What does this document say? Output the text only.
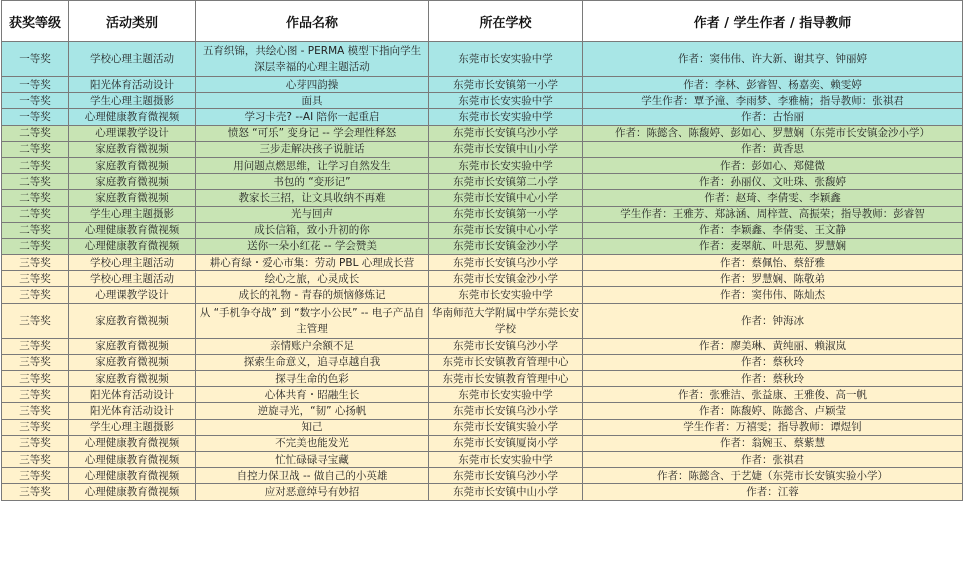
获奖等级	活动类别	作品名称	所在学校	作者 / 学生作者 / 指导教师
一等奖	学校心理主题活动	五育织锦，共绘心图 - PERMA 模型下指向学生深层幸福的心理主题活动	东莞市长安实验中学	作者：窦伟伟、许大新、谢其亨、钟丽婷
一等奖	阳光体育活动设计	心芽四韵操	东莞市长安镇第一小学	作者：李林、彭睿智、杨嘉奕、赖雯婷
一等奖	学生心理主题摄影	面具	东莞市长安实验中学	学生作者：覃予潼、李雨梦、李雅楠；指导教师：张祺君
一等奖	心理健康教育微视频	学习卡壳? --AI 陪你一起重启	东莞市长安实验中学	作者：古怡丽
二等奖	心理课教学设计	愤怒 “可乐” 变身记 -- 学会理性释怒	东莞市长安镇乌沙小学	作者：陈懿含、陈馥婷、彭如心、罗慧娴（东莞市长安镇金沙小学）
二等奖	家庭教育微视频	三步走解决孩子说脏话	东莞市长安镇中山小学	作者：黄香思
二等奖	家庭教育微视频	用问题点燃思维，让学习自然发生	东莞市长安实验中学	作者：彭如心、郑健微
二等奖	家庭教育微视频	书包的 “变形记”	东莞市长安镇第二小学	作者：孙丽仪、文吐珠、张馥婷
二等奖	家庭教育微视频	教家长三招，让文具收纳不再难	东莞市长安镇中心小学	作者：赵琦、李倩雯、李颖鑫
二等奖	学生心理主题摄影	光与回声	东莞市长安镇第一小学	学生作者：王雅芳、郑詠涵、周梓萱、高振荣；指导教师：彭睿智
二等奖	心理健康教育微视频	成长信箱，致小升初的你	东莞市长安镇中心小学	作者：李颖鑫、李倩雯、王文静
二等奖	心理健康教育微视频	送你一朵小红花 -- 学会赞美	东莞市长安镇金沙小学	作者：麦翠航、叶思苑、罗慧娴
三等奖	学校心理主题活动	耕心育绿・爱心市集：劳动 PBL 心理成长营	东莞市长安镇乌沙小学	作者：蔡佩怡、蔡舒雅
三等奖	学校心理主题活动	绘心之旅，心灵成长	东莞市长安镇金沙小学	作者：罗慧娴、陈敬弟
三等奖	心理课教学设计	成长的礼物 - 青春的烦恼修炼记	东莞市长安实验中学	作者：窦伟伟、陈灿杰
三等奖	家庭教育微视频	从 “手机争夺战” 到 “数字小公民” -- 电子产品自主管理	华南师范大学附属中学东莞长安学校	作者：钟海冰
三等奖	家庭教育微视频	亲情账户余额不足	东莞市长安镇乌沙小学	作者：廖美琳、黄纯丽、赖淑岚
三等奖	家庭教育微视频	探索生命意义，追寻卓越自我	东莞市长安镇教育管理中心	作者：蔡秋玲
三等奖	家庭教育微视频	探寻生命的色彩	东莞市长安镇教育管理中心	作者：蔡秋玲
三等奖	阳光体育活动设计	心体共育・昭融生长	东莞市长安实验中学	作者：张雅洁、张益康、王雅俊、高一帆
三等奖	阳光体育活动设计	逆旋寻光，“韧” 心扬帆	东莞市长安镇乌沙小学	作者：陈馥婷、陈懿含、卢颖莹
三等奖	学生心理主题摄影	知己	东莞市长安镇实验小学	学生作者：万禧雯；指导教师：谭煜钊
三等奖	心理健康教育微视频	不完美也能发光	东莞市长安镇厦岗小学	作者：翁婉玉、蔡紫慧
三等奖	心理健康教育微视频	忙忙碌碌寻宝藏	东莞市长安实验中学	作者：张祺君
三等奖	心理健康教育微视频	自控力保卫战 -- 做自己的小英雄	东莞市长安镇乌沙小学	作者：陈懿含、于艺婕（东莞市长安镇实验小学）
三等奖	心理健康教育微视频	应对恶意绰号有妙招	东莞市长安镇中山小学	作者：江蓉
